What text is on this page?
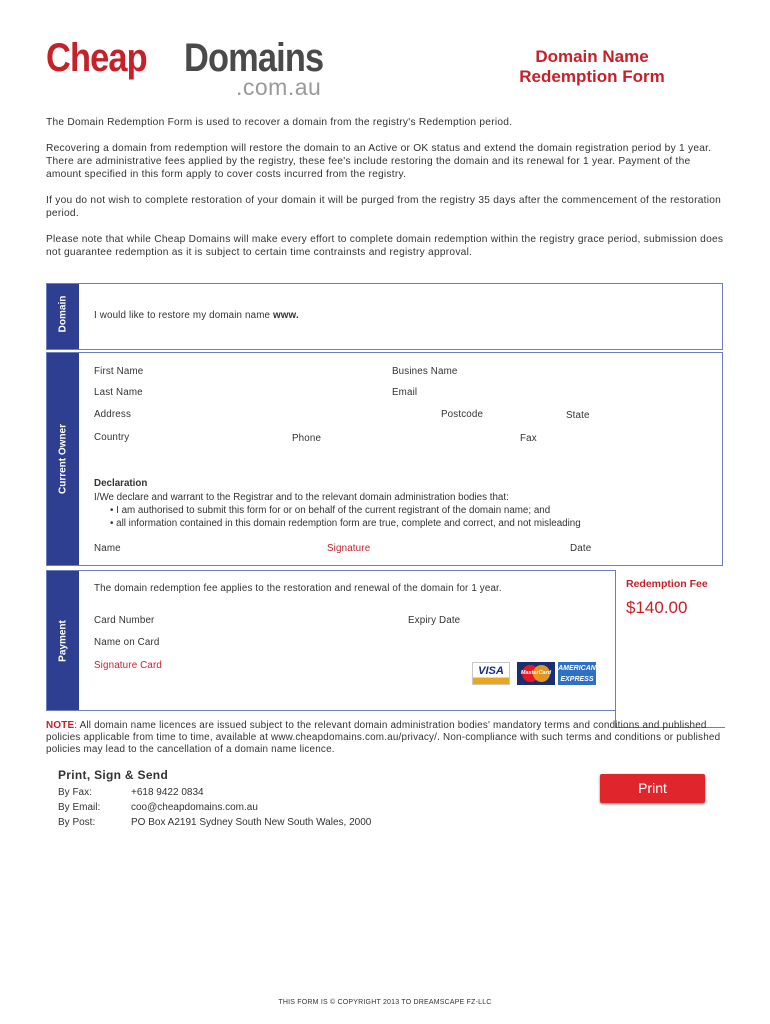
Cheap Domains
.com.au
Domain Name
Redemption Form

The Domain Redemption Form is used to recover a domain from the registry's Redemption period.

Recovering a domain from redemption will restore the domain to an Active or OK status and extend the domain registration period by 1 year. There are administrative fees applied by the registry, these fee's include restoring the domain and its renewal for 1 year. Payment of the amount specified in this form apply to cover costs incurred from the registry.

If you do not wish to complete restoration of your domain it will be purged from the registry 35 days after the commencement of the restoration period.

Please note that while Cheap Domains will make every effort to complete domain redemption within the registry grace period, submission does not guarantee redemption as it is subject to certain time contrainsts and registry approval.

Domain	I would like to restore my domain name www.
Current Owner
First Name	Busines Name
Last Name	Email
Address	Postcode	State
Country	Phone	Fax
Declaration
I/We declare and warrant to the Registrar and to the relevant domain administration bodies that:
• I am authorised to submit this form for or on behalf of the current registrant of the domain name; and
• all information contained in this domain redemption form are true, complete and correct, and not misleading
Name	Signature	Date
Payment
The domain redemption fee applies to the restoration and renewal of the domain for 1 year.
Card Number	Expiry Date
Name on Card
Signature Card	VISA	MasterCard
AMERICAN
EXPRESS
Redemption Fee
$140.00
NOTE: All domain name licences are issued subject to the relevant domain administration bodies' mandatory terms and conditions and published policies applicable from time to time, available at www.cheapdomains.com.au/privacy/. Non-compliance with such terms and conditions or published policies may lead to the cancellation of a domain name licence.
Print, Sign & Send
By Fax:	+618 9422 0834
By Email:	coo@cheapdomains.com.au
By Post:	PO Box A2191 Sydney South New South Wales, 2000
Print
THIS FORM IS © COPYRIGHT 2013 TO DREAMSCAPE FZ-LLC
